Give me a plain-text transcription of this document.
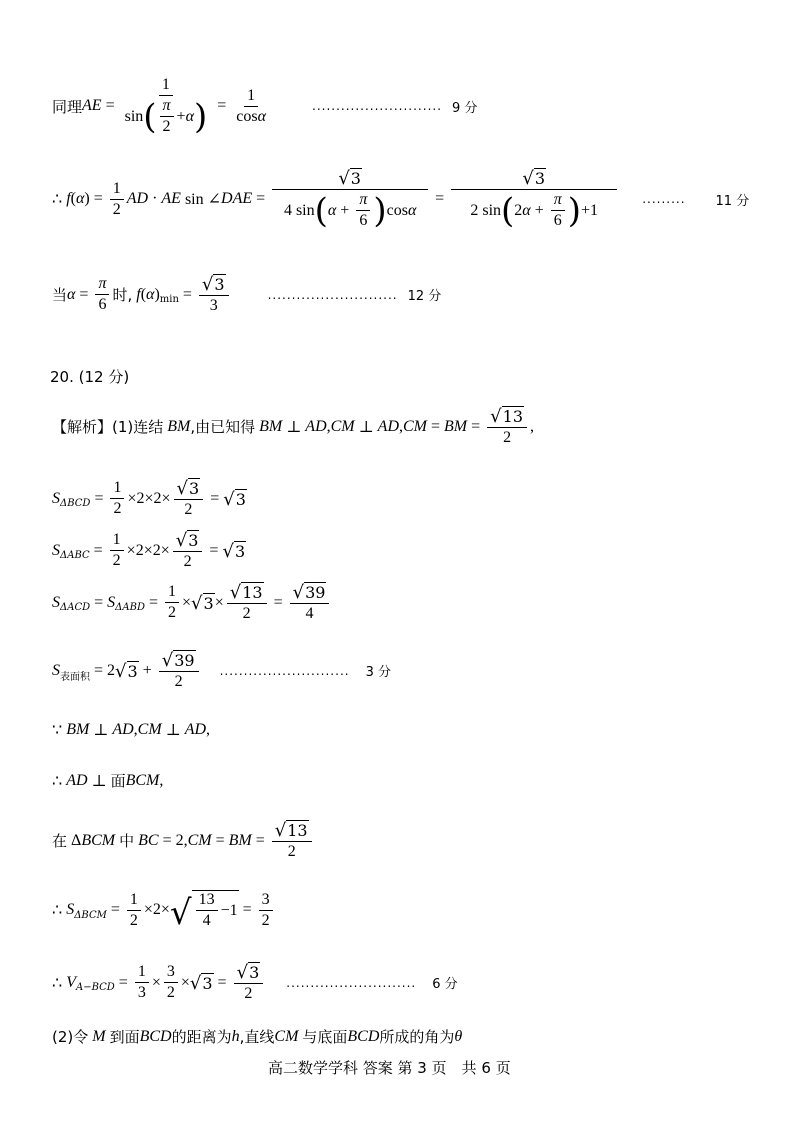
同理 AE = $\frac{1}{\sin ( \frac{\pi}{2} + \alpha )} = \frac{1}{\cos\alpha}$	........................... 9 分
∴ f ( α ) = $\frac{1}{2}$ AD · AE sin ∠ DAE = $\frac{√ 3}{4 \sin ( \alpha + \frac{\pi}{6} ) \cos \alpha} = \frac{√ 3}{2 \sin ( 2 \alpha + \frac{\pi}{6} ) +1}$ ......... 11 分
当 $\alpha = \frac{\pi}{6}$ 时, f ( α ) $\min = \frac{√ 3}{3}$	........................... 12 分
20. (12 分)
【解析】(1)连结 BM ,由已知得 BM ⊥ AD , CM ⊥ AD , CM = BM = $\frac{√ 13}{2}$ ,
S $\Delta BCD = \frac{1}{2} \times 2\times 2\times \frac{√ 3}{2}$ = √ 3
S $\Delta ABC = \frac{1}{2} \times 2\times 2\times \frac{√ 3}{2}$ = √ 3
S ΔACD = S $\Delta ABD = \frac{1}{2}$ × √ $3 \times \frac{√ 13}{2} = \frac{√ 39}{4}$
S 表面积 = 2 √ $3 + \frac{√ 39}{2}$ ........................... 3 分
∵ BM ⊥ AD , CM ⊥ AD ,
∴ AD ⊥ 面 BCM ,
在 Δ BCM
中 BC = 2, CM = BM = $\frac{√ 13}{2}$
∴ S $\Delta BCM = \frac{1}{2} \times 2\times$ √ $\frac{13}{4} -1 = \frac{3}{2}$
∴ V $A-BCD = \frac{1}{3} \times \frac{3}{2}$ × √ $3 = \frac{√ 3}{2}$ ........................... 6 分
(2)令 M 到面 BCD 的距离为 h ,直线 CM
与底面 BCD 所成的角为 θ
高二数学学科 答案 第 3 页　共 6 页
